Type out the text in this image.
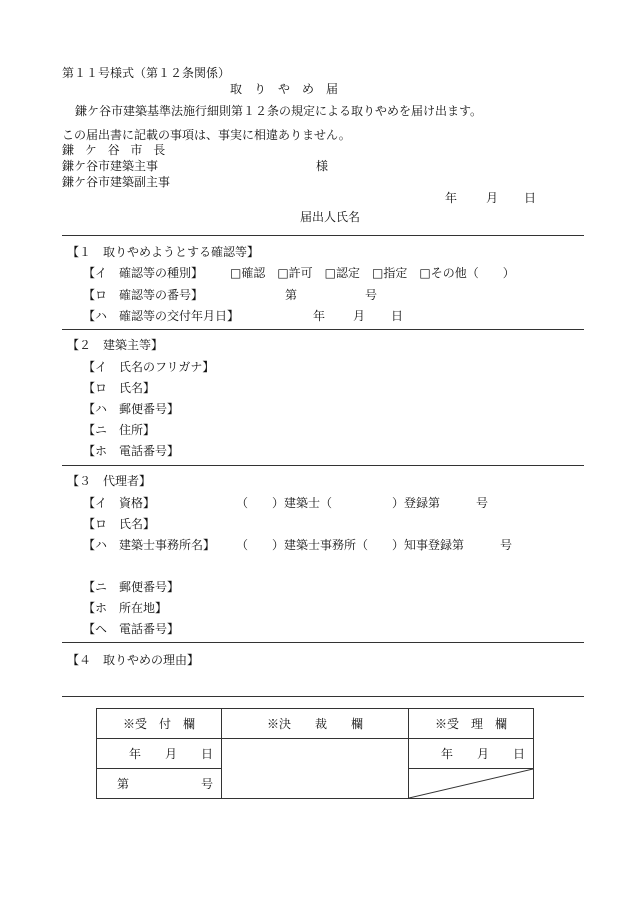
第１１号様式（第１２条関係）
取　り　や　め　届
鎌ケ谷市建築基準法施行細則第１２条の規定による取りやめを届け出ます。
この届出書に記載の事項は、事実に相違ありません。
鎌ケ谷市長
鎌ケ谷市建築主事	様
鎌ケ谷市建築副主事
年 月 日
届出人氏名
【１　取りやめようとする確認等】
【イ　確認等の種別】 □確認　□許可　□認定　□指定　□その他（　　）
【ロ　確認等の番号】	第	号
【ハ　確認等の交付年月日】	年 月 日
【２　建築主等】
【イ　氏名のフリガナ】
【ロ　氏名】
【ハ　郵便番号】
【ニ　住所】
【ホ　電話番号】
【３　代理者】
【イ　資格】	（　　）建築士（　　　　　）登録第　　　号
【ロ　氏名】
【ハ　建築士事務所名】 （　　）建築士事務所（　　）知事登録第　　　号
【ニ　郵便番号】
【ホ　所在地】
【ヘ　電話番号】
【４　取りやめの理由】
※受　付　欄	※決　　裁　　欄	※受　理　欄
年　　月　　日		年　　月　　日
第　　　　　　号	
